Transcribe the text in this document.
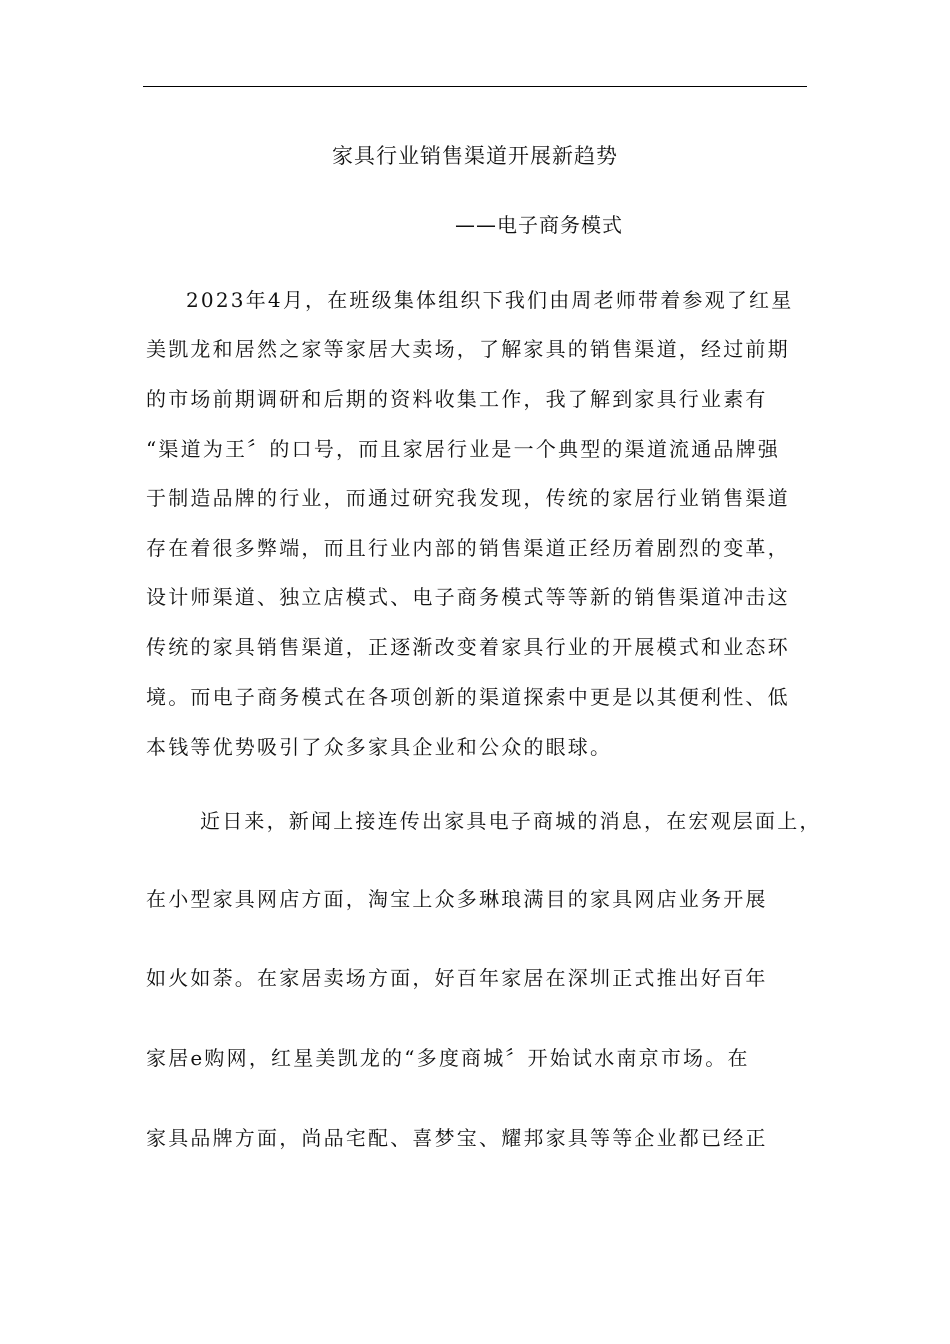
家具行业销售渠道开展新趋势
——电子商务模式
2023年4月，在班级集体组织下我们由周老师带着参观了红星
美凯龙和居然之家等家居大卖场，了解家具的销售渠道，经过前期
的市场前期调研和后期的资料收集工作，我了解到家具行业素有
“渠道为王〞的口号，而且家居行业是一个典型的渠道流通品牌强
于制造品牌的行业，而通过研究我发现，传统的家居行业销售渠道
存在着很多弊端，而且行业内部的销售渠道正经历着剧烈的变革，
设计师渠道、独立店模式、电子商务模式等等新的销售渠道冲击这
传统的家具销售渠道，正逐渐改变着家具行业的开展模式和业态环
境。而电子商务模式在各项创新的渠道探索中更是以其便利性、低
本钱等优势吸引了众多家具企业和公众的眼球。
近日来，新闻上接连传出家具电子商城的消息，在宏观层面上，
在小型家具网店方面，淘宝上众多琳琅满目的家具网店业务开展
如火如荼。在家居卖场方面，好百年家居在深圳正式推出好百年
家居e购网，红星美凯龙的“多度商城〞开始试水南京市场。在
家具品牌方面，尚品宅配、喜梦宝、耀邦家具等等企业都已经正
